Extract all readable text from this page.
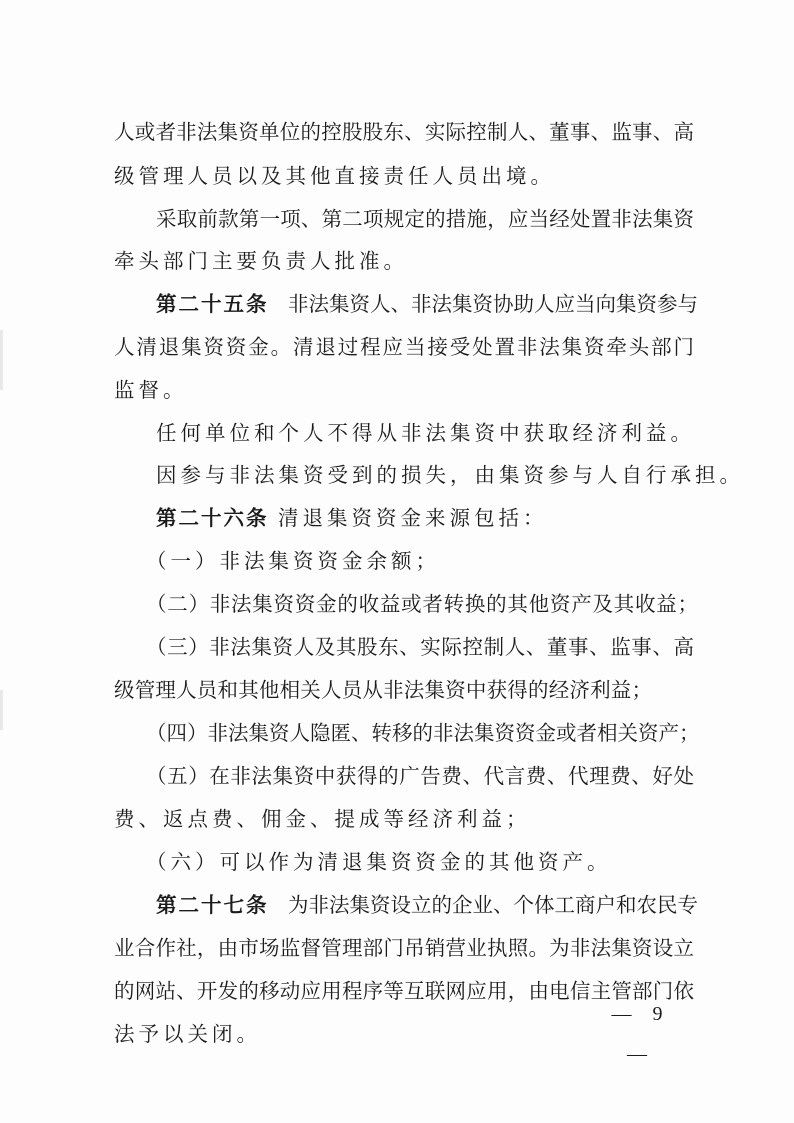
人或者非法集资单位的控股股东、实际控制人、董事、监事、高
级管理人员以及其他直接责任人员出境。
采取前款第一项、第二项规定的措施，应当经处置非法集资
牵头部门主要负责人批准。
第二十五条 非法集资人、非法集资协助人应当向集资参与
人清退集资资金。清退过程应当接受处置非法集资牵头部门
监督。
任何单位和个人不得从非法集资中获取经济利益。
因参与非法集资受到的损失，由集资参与人自行承担。
第二十六条 清退集资资金来源包括：
（一）非法集资资金余额；
（二）非法集资资金的收益或者转换的其他资产及其收益；
（三）非法集资人及其股东、实际控制人、董事、监事、高
级管理人员和其他相关人员从非法集资中获得的经济利益；
（四）非法集资人隐匿、转移的非法集资资金或者相关资产；
（五）在非法集资中获得的广告费、代言费、代理费、好处
费、返点费、佣金、提成等经济利益；
（六）可以作为清退集资资金的其他资产。
第二十七条 为非法集资设立的企业、个体工商户和农民专
业合作社，由市场监督管理部门吊销营业执照。为非法集资设立
的网站、开发的移动应用程序等互联网应用，由电信主管部门依
法予以关闭。
— 9 —
